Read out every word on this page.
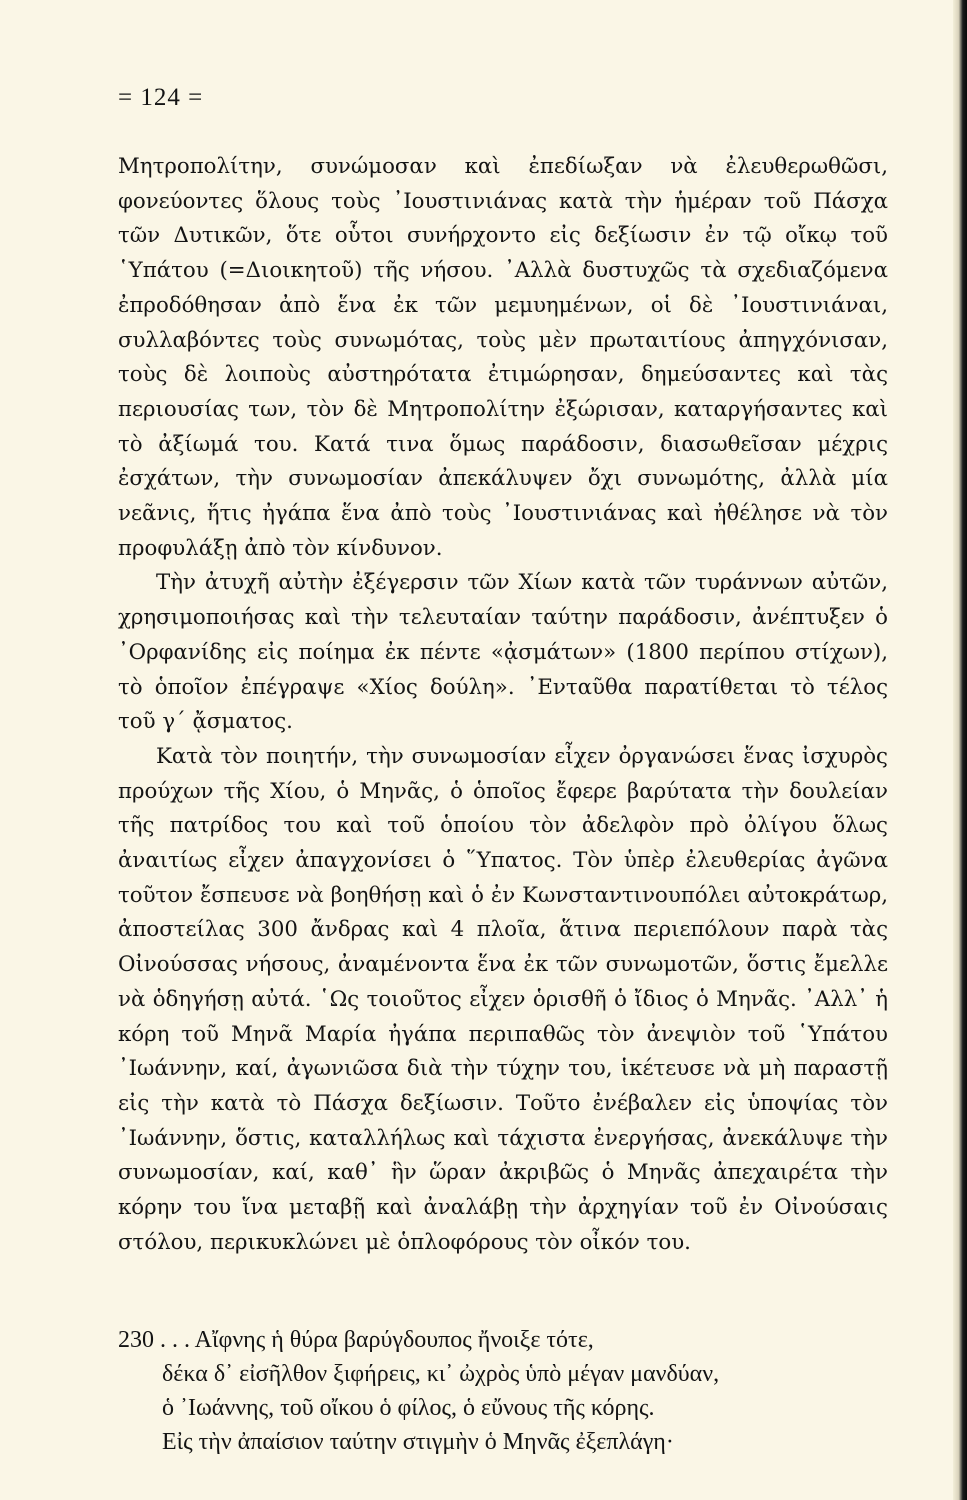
= 124 =

Μητροπολίτην, συνώμοσαν καὶ ἐπεδίωξαν νὰ ἐλευθερωθῶσι, φονεύοντες ὅλους τοὺς ᾽Ιουστινιάνας κατὰ τὴν ἡμέραν τοῦ Πάσχα τῶν Δυτικῶν, ὅτε οὗτοι συνήρχοντο εἰς δεξίωσιν ἐν τῷ οἴκῳ τοῦ ῾Υπάτου (=Διοικητοῦ) τῆς νήσου. ᾽Αλλὰ δυστυχῶς τὰ σχεδιαζόμενα ἐπροδόθησαν ἀπὸ ἕνα ἐκ τῶν μεμυημένων, οἱ δὲ ᾽Ιουστινιάναι, συλλαβόντες τοὺς συνωμότας, τοὺς μὲν πρωταιτίους ἀπηγχόνισαν, τοὺς δὲ λοιποὺς αὐστηρότατα ἐτιμώρησαν, δημεύσαντες καὶ τὰς περιουσίας των, τὸν δὲ Μητροπολίτην ἐξώρισαν, καταργήσαντες καὶ τὸ ἀξίωμά του. Κατά τινα ὅμως παράδοσιν, διασωθεῖσαν μέχρις ἐσχάτων, τὴν συνωμοσίαν ἀπεκάλυψεν ὄχι συνωμότης, ἀλλὰ μία νεᾶνις, ἥτις ἠγάπα ἕνα ἀπὸ τοὺς ᾽Ιουστινιάνας καὶ ἠθέλησε νὰ τὸν προφυλάξῃ ἀπὸ τὸν κίνδυνον.

Τὴν ἀτυχῆ αὐτὴν ἐξέγερσιν τῶν Χίων κατὰ τῶν τυράννων αὐτῶν, χρησιμοποιήσας καὶ τὴν τελευταίαν ταύτην παράδοσιν, ἀνέπτυξεν ὁ ᾽Ορφανίδης εἰς ποίημα ἐκ πέντε «ᾀσμάτων» (1800 περίπου στίχων), τὸ ὁποῖον ἐπέγραψε «Χίος δούλη». ᾽Ενταῦθα παρατίθεται τὸ τέλος τοῦ γ΄ ᾄσματος.

Κατὰ τὸν ποιητήν, τὴν συνωμοσίαν εἶχεν ὀργανώσει ἕνας ἰσχυρὸς προύχων τῆς Χίου, ὁ Μηνᾶς, ὁ ὁποῖος ἔφερε βαρύτατα τὴν δουλείαν τῆς πατρίδος του καὶ τοῦ ὁποίου τὸν ἀδελφὸν πρὸ ὀλίγου ὅλως ἀναιτίως εἶχεν ἀπαγχονίσει ὁ ῞Υπατος. Τὸν ὑπὲρ ἐλευθερίας ἀγῶνα τοῦτον ἔσπευσε νὰ βοηθήσῃ καὶ ὁ ἐν Κωνσταντινουπόλει αὐτοκράτωρ, ἀποστείλας 300 ἄνδρας καὶ 4 πλοῖα, ἅτινα περιεπόλουν παρὰ τὰς Οἰνούσσας νήσους, ἀναμένοντα ἕνα ἐκ τῶν συνωμοτῶν, ὅστις ἔμελλε νὰ ὁδηγήσῃ αὐτά. ῾Ως τοιοῦτος εἶχεν ὁρισθῆ ὁ ἴδιος ὁ Μηνᾶς. ᾽Αλλ᾽ ἡ κόρη τοῦ Μηνᾶ Μαρία ἠγάπα περιπαθῶς τὸν ἀνεψιὸν τοῦ ῾Υπάτου ᾽Ιωάννην, καί, ἀγωνιῶσα διὰ τὴν τύχην του, ἱκέτευσε νὰ μὴ παραστῇ εἰς τὴν κατὰ τὸ Πάσχα δεξίωσιν. Τοῦτο ἐνέβαλεν εἰς ὑποψίας τὸν ᾽Ιωάννην, ὅστις, καταλλήλως καὶ τάχιστα ἐνεργήσας, ἀνεκάλυψε τὴν συνωμοσίαν, καί, καθ᾽ ἣν ὥραν ἀκριβῶς ὁ Μηνᾶς ἀπεχαιρέτα τὴν κόρην του ἵνα μεταβῇ καὶ ἀναλάβῃ τὴν ἀρχηγίαν τοῦ ἐν Οἰνούσαις στόλου, περικυκλώνει μὲ ὁπλοφόρους τὸν οἶκόν του.

230 . . . Αἴφνης ἡ θύρα βαρύγδουπος ἤνοιξε τότε,
δέκα δ᾽ εἰσῆλθον ξιφήρεις, κι᾽ ὠχρὸς ὑπὸ μέγαν μανδύαν,
ὁ ᾽Ιωάννης, τοῦ οἴκου ὁ φίλος, ὁ εὔνους τῆς κόρης.
Εἰς τὴν ἀπαίσιον ταύτην στιγμὴν ὁ Μηνᾶς ἐξεπλάγη·
